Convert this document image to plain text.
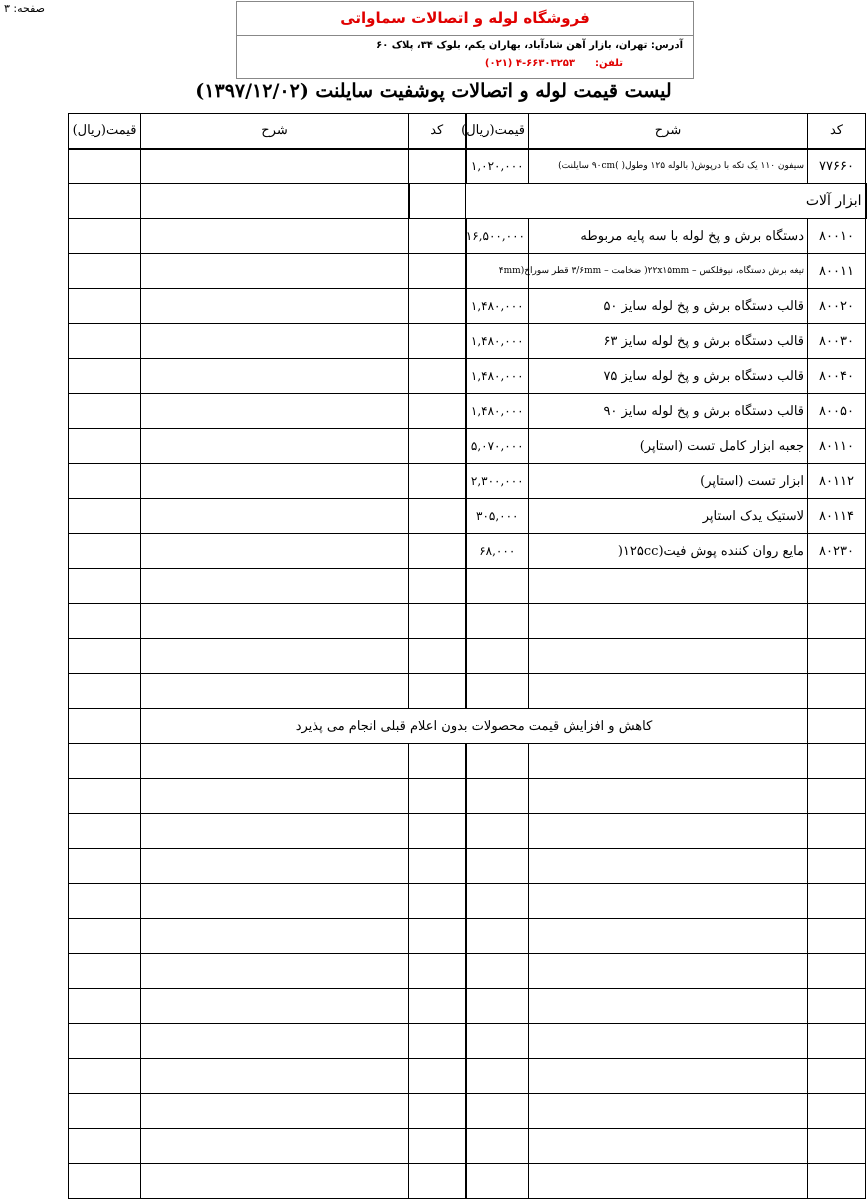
صفحه: ۳
فروشگاه لوله و اتصالات سماواتی
آدرس: تهران، بازار آهن شادآباد، بهاران یکم، بلوک ۳۴، پلاک ۶۰
تلفن:۴-۶۶۳۰۳۲۵۳ (۰۲۱)
لیست قیمت لوله و اتصالات پوشفیت سایلنت (۱۳۹۷/۱۲/۰۲)
کد	شرح	قیمت(ریال)	کد	شرح	قیمت(ریال)
۷۷۶۶۰	سیفون ۱۱۰ یک تکه با درپوش( بالوله ۱۲۵ وطول( )۹۰cm سایلنت)	۱,۰۲۰,۰۰۰			
ابزار آلات					
۸۰۰۱۰	دستگاه برش و پخ لوله با سه پایه مربوطه	۱۶,۵۰۰,۰۰۰			
۸۰۰۱۱	تیغه برش دستگاه، نیوفلکس – ۲۲x۱۵mm( ضخامت – ۳/۶mm قطر سوراخ(۴mm				
۸۰۰۲۰	قالب دستگاه برش و پخ لوله سایز ۵۰	۱,۴۸۰,۰۰۰			
۸۰۰۳۰	قالب دستگاه برش و پخ لوله سایز ۶۳	۱,۴۸۰,۰۰۰			
۸۰۰۴۰	قالب دستگاه برش و پخ لوله سایز ۷۵	۱,۴۸۰,۰۰۰			
۸۰۰۵۰	قالب دستگاه برش و پخ لوله سایز ۹۰	۱,۴۸۰,۰۰۰			
۸۰۱۱۰	جعبه ابزار کامل تست (استاپر)	۵,۰۷۰,۰۰۰			
۸۰۱۱۲	ابزار تست (استاپر)	۲,۳۰۰,۰۰۰			
۸۰۱۱۴	لاستیک یدک استاپر	۳۰۵,۰۰۰			
۸۰۲۳۰	مایع روان کننده پوش فیت(۱۲۵cc(	۶۸,۰۰۰			

	کاهش و افزایش قیمت محصولات بدون اعلام قبلی انجام می پذیرد				
